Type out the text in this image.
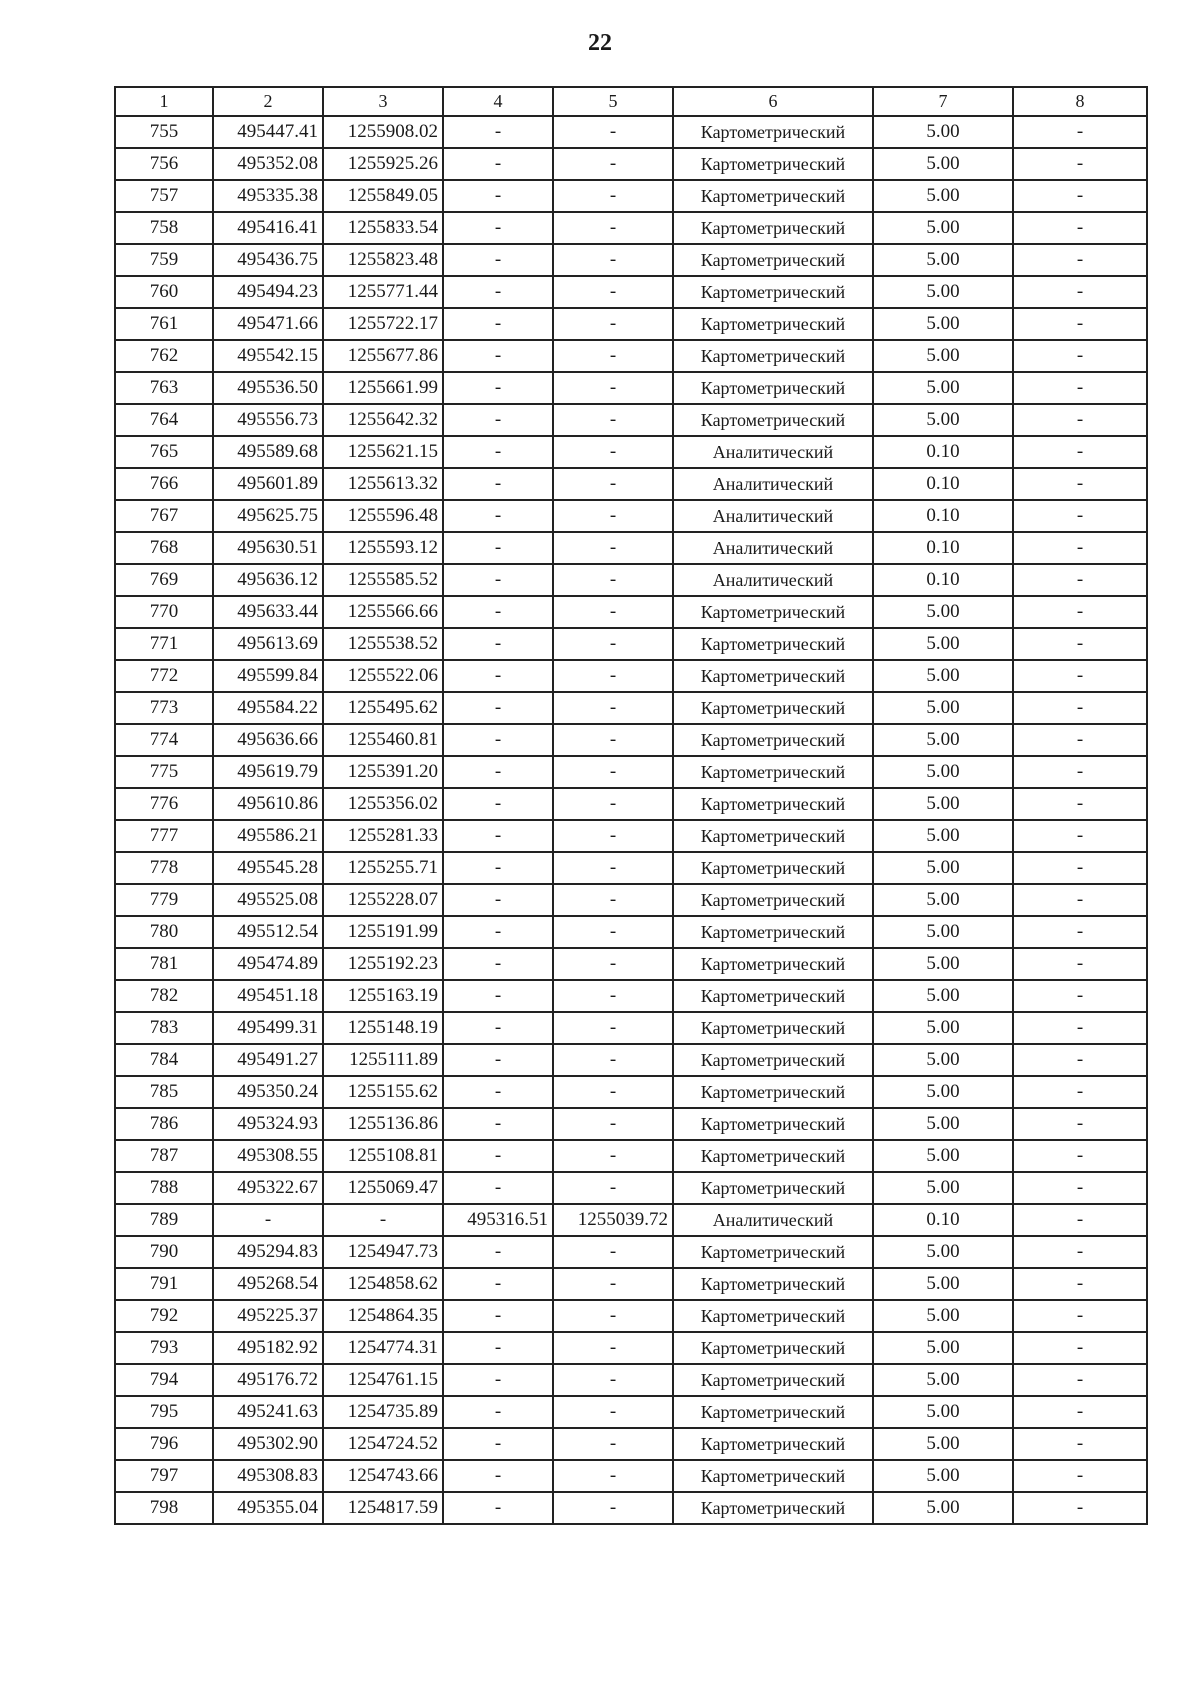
22
1	2	3	4	5	6	7	8
755	495447.41	1255908.02	-	-	Картометрический	5.00	-
756	495352.08	1255925.26	-	-	Картометрический	5.00	-
757	495335.38	1255849.05	-	-	Картометрический	5.00	-
758	495416.41	1255833.54	-	-	Картометрический	5.00	-
759	495436.75	1255823.48	-	-	Картометрический	5.00	-
760	495494.23	1255771.44	-	-	Картометрический	5.00	-
761	495471.66	1255722.17	-	-	Картометрический	5.00	-
762	495542.15	1255677.86	-	-	Картометрический	5.00	-
763	495536.50	1255661.99	-	-	Картометрический	5.00	-
764	495556.73	1255642.32	-	-	Картометрический	5.00	-
765	495589.68	1255621.15	-	-	Аналитический	0.10	-
766	495601.89	1255613.32	-	-	Аналитический	0.10	-
767	495625.75	1255596.48	-	-	Аналитический	0.10	-
768	495630.51	1255593.12	-	-	Аналитический	0.10	-
769	495636.12	1255585.52	-	-	Аналитический	0.10	-
770	495633.44	1255566.66	-	-	Картометрический	5.00	-
771	495613.69	1255538.52	-	-	Картометрический	5.00	-
772	495599.84	1255522.06	-	-	Картометрический	5.00	-
773	495584.22	1255495.62	-	-	Картометрический	5.00	-
774	495636.66	1255460.81	-	-	Картометрический	5.00	-
775	495619.79	1255391.20	-	-	Картометрический	5.00	-
776	495610.86	1255356.02	-	-	Картометрический	5.00	-
777	495586.21	1255281.33	-	-	Картометрический	5.00	-
778	495545.28	1255255.71	-	-	Картометрический	5.00	-
779	495525.08	1255228.07	-	-	Картометрический	5.00	-
780	495512.54	1255191.99	-	-	Картометрический	5.00	-
781	495474.89	1255192.23	-	-	Картометрический	5.00	-
782	495451.18	1255163.19	-	-	Картометрический	5.00	-
783	495499.31	1255148.19	-	-	Картометрический	5.00	-
784	495491.27	1255111.89	-	-	Картометрический	5.00	-
785	495350.24	1255155.62	-	-	Картометрический	5.00	-
786	495324.93	1255136.86	-	-	Картометрический	5.00	-
787	495308.55	1255108.81	-	-	Картометрический	5.00	-
788	495322.67	1255069.47	-	-	Картометрический	5.00	-
789	-	-	495316.51	1255039.72	Аналитический	0.10	-
790	495294.83	1254947.73	-	-	Картометрический	5.00	-
791	495268.54	1254858.62	-	-	Картометрический	5.00	-
792	495225.37	1254864.35	-	-	Картометрический	5.00	-
793	495182.92	1254774.31	-	-	Картометрический	5.00	-
794	495176.72	1254761.15	-	-	Картометрический	5.00	-
795	495241.63	1254735.89	-	-	Картометрический	5.00	-
796	495302.90	1254724.52	-	-	Картометрический	5.00	-
797	495308.83	1254743.66	-	-	Картометрический	5.00	-
798	495355.04	1254817.59	-	-	Картометрический	5.00	-
